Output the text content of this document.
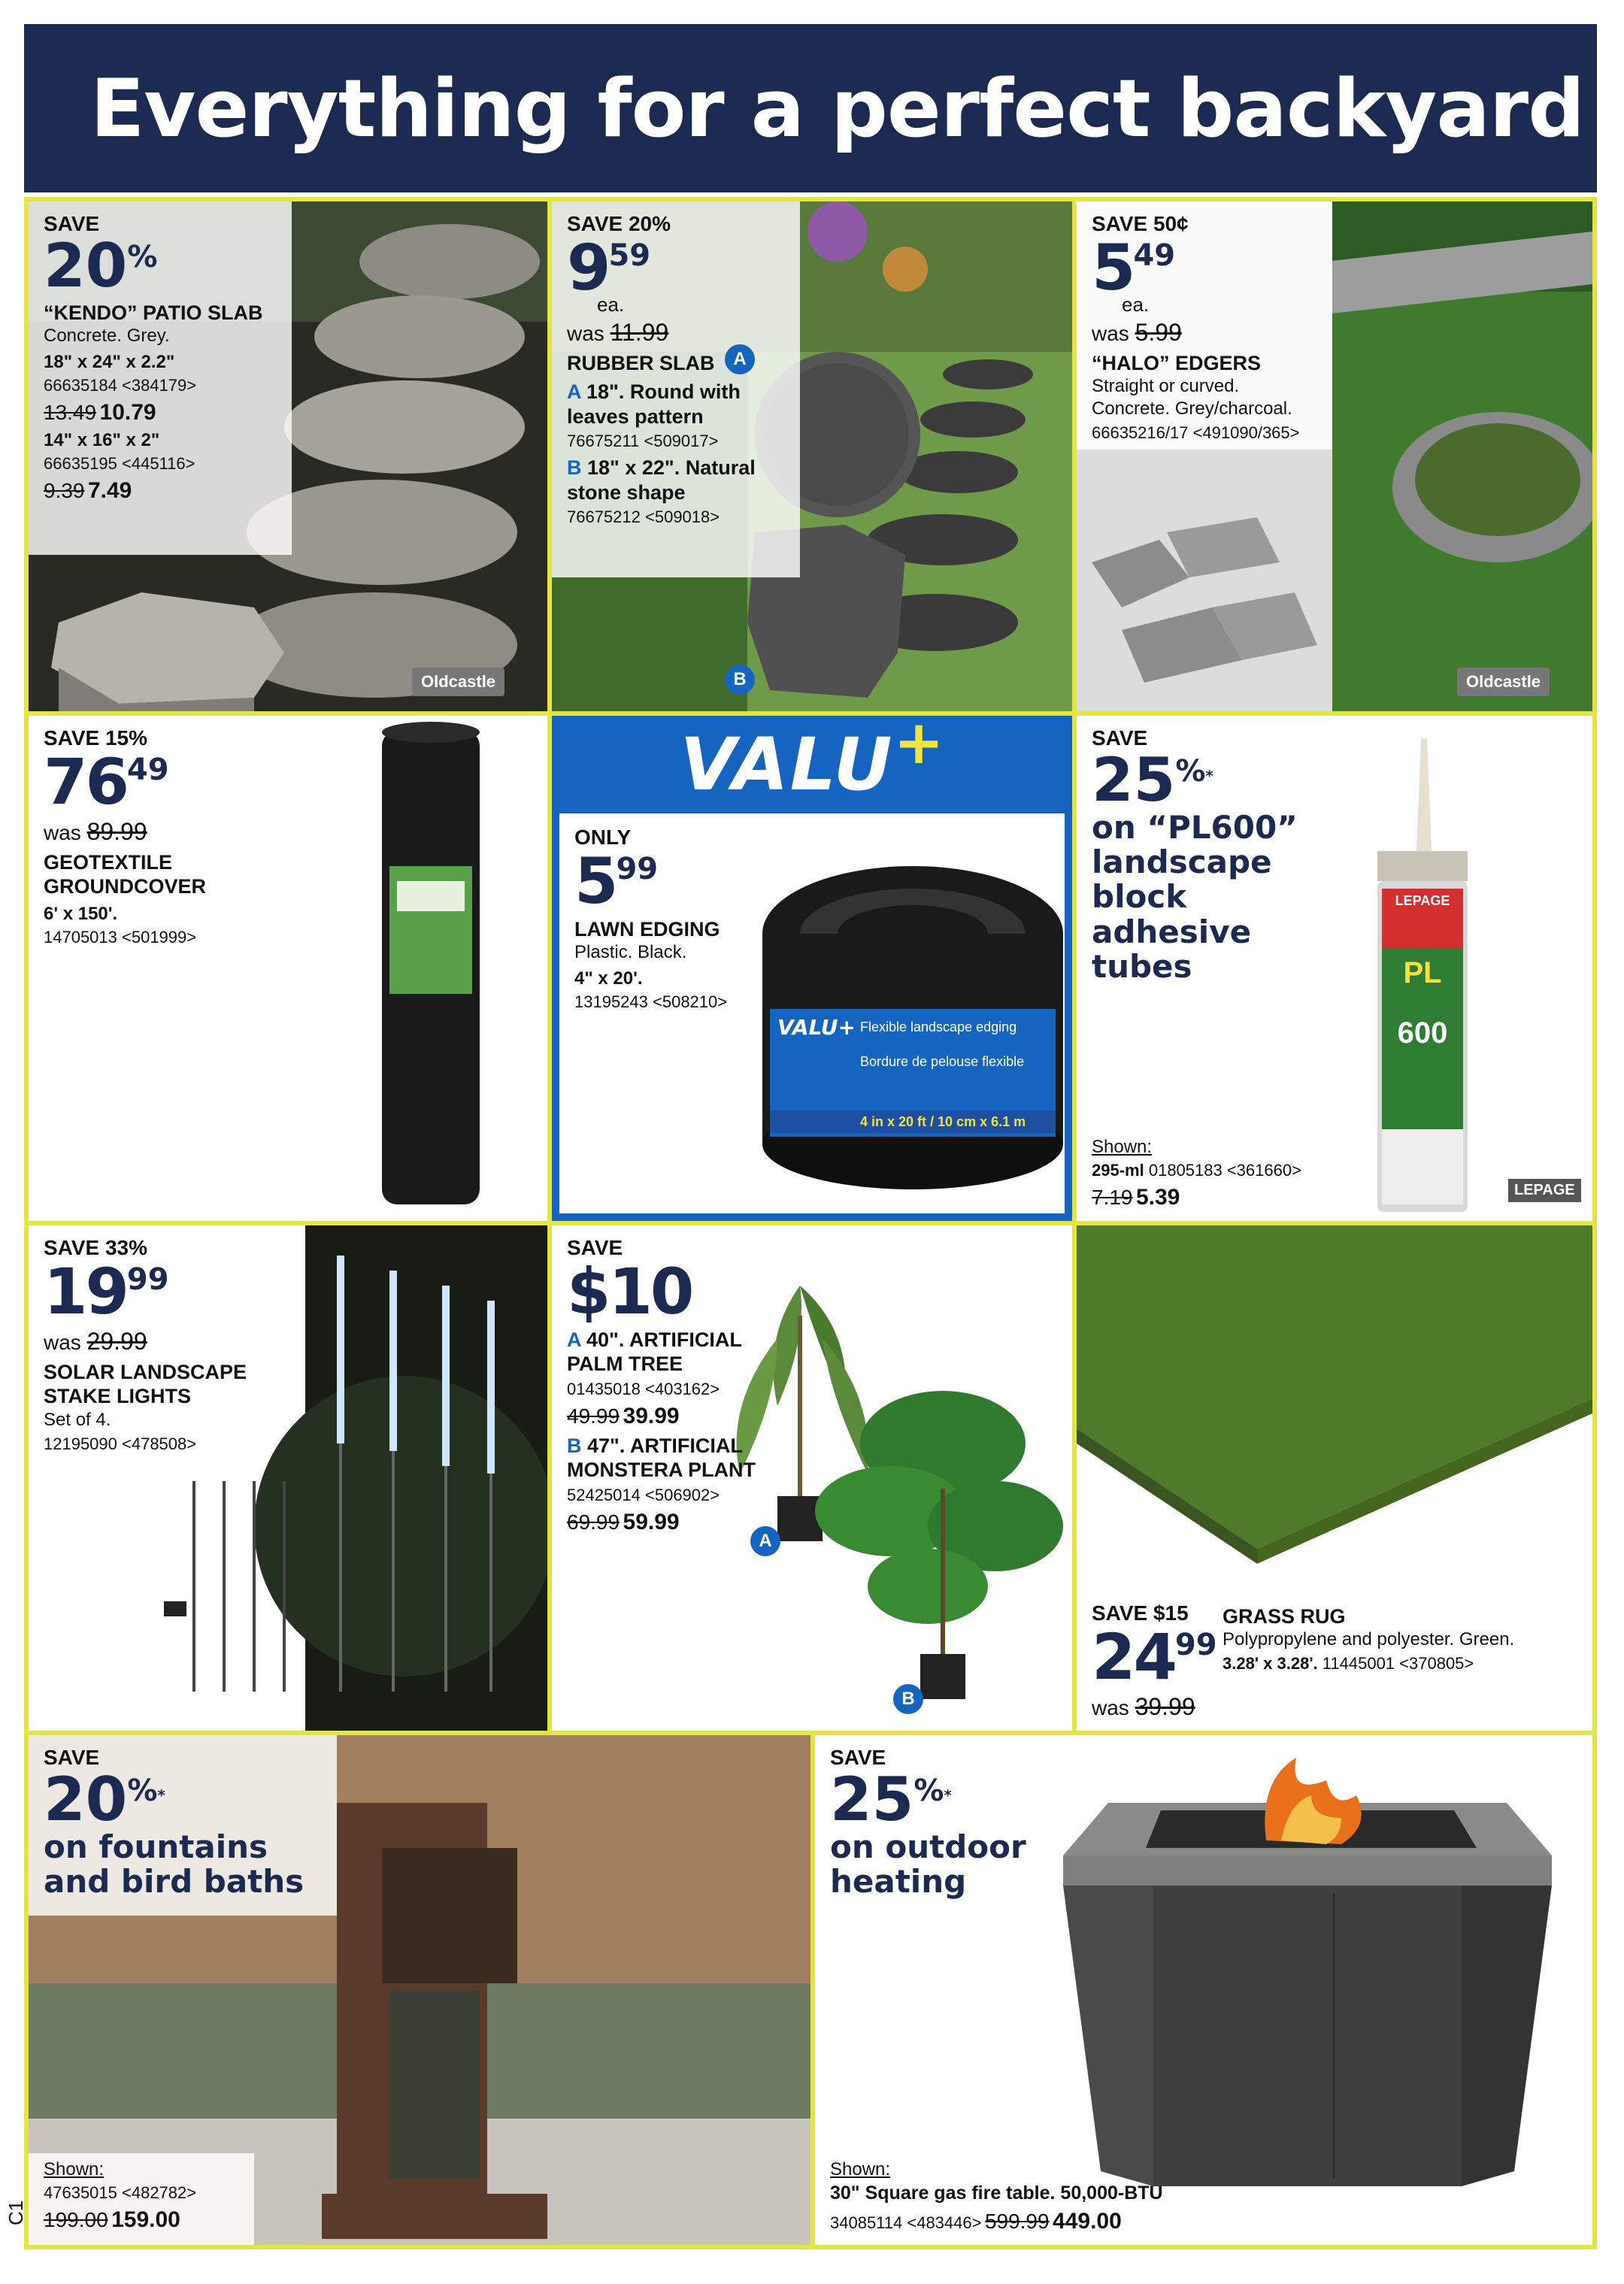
Everything for a perfect backyard

SAVE

20%

“KENDO” PATIO SLAB

Concrete. Grey.

18" x 24" x 2.2"

66635184 <384179>

13.49 10.79

14" x 16" x 2"

66635195 <445116>

9.39 7.49

Oldcastle

SAVE 20%

$9^{59}$
ea.

was 11.99

RUBBER SLAB

A 18". Round with leaves pattern

76675211 <509017>

B 18" x 22". Natural stone shape

76675212 <509018>

A
B

SAVE 50¢

$5^{49}$
ea.

was 5.99

“HALO” EDGERS

Straight or curved.

Concrete. Grey/charcoal.

66635216/17 <491090/365>

Oldcastle

SAVE 15%

$76^{49}$

was 89.99

GEOTEXTILE

GROUNDCOVER

6' x 150'.

14705013 <501999>

VALU +
VALU+ Flexible landscape edging
Bordure de pelouse flexible
4 in x 20 ft / 10 cm x 6.1 m

ONLY

$5^{99}$

LAWN EDGING

Plastic. Black.

4" x 20'.

13195243 <508210>

LEPAGE
PL
600

SAVE

25%*

on “PL600” landscape block adhesive tubes

Shown:

295-ml 01805183 <361660>

7.19 5.39	LEPAGE

SAVE 33%

$19^{99}$

was 29.99

SOLAR LANDSCAPE

STAKE LIGHTS

Set of 4.

12195090 <478508>

SAVE

$10

A 40". ARTIFICIAL PALM TREE

01435018 <403162>

49.99 39.99

B 47". ARTIFICIAL MONSTERA PLANT

52425014 <506902>

69.99 59.99

A
B

SAVE $15

$24^{99}$

was 39.99

GRASS RUG

Polypropylene and polyester. Green.

3.28' x 3.28'. 11445001 <370805>

SAVE

20%*

on fountains and bird baths

Shown:

47635015 <482782>

199.00 159.00

SAVE

25%*

on outdoor heating

Shown:

30" Square gas fire table. 50,000-BTU

34085114 <483446> 599.99 449.00

C1
